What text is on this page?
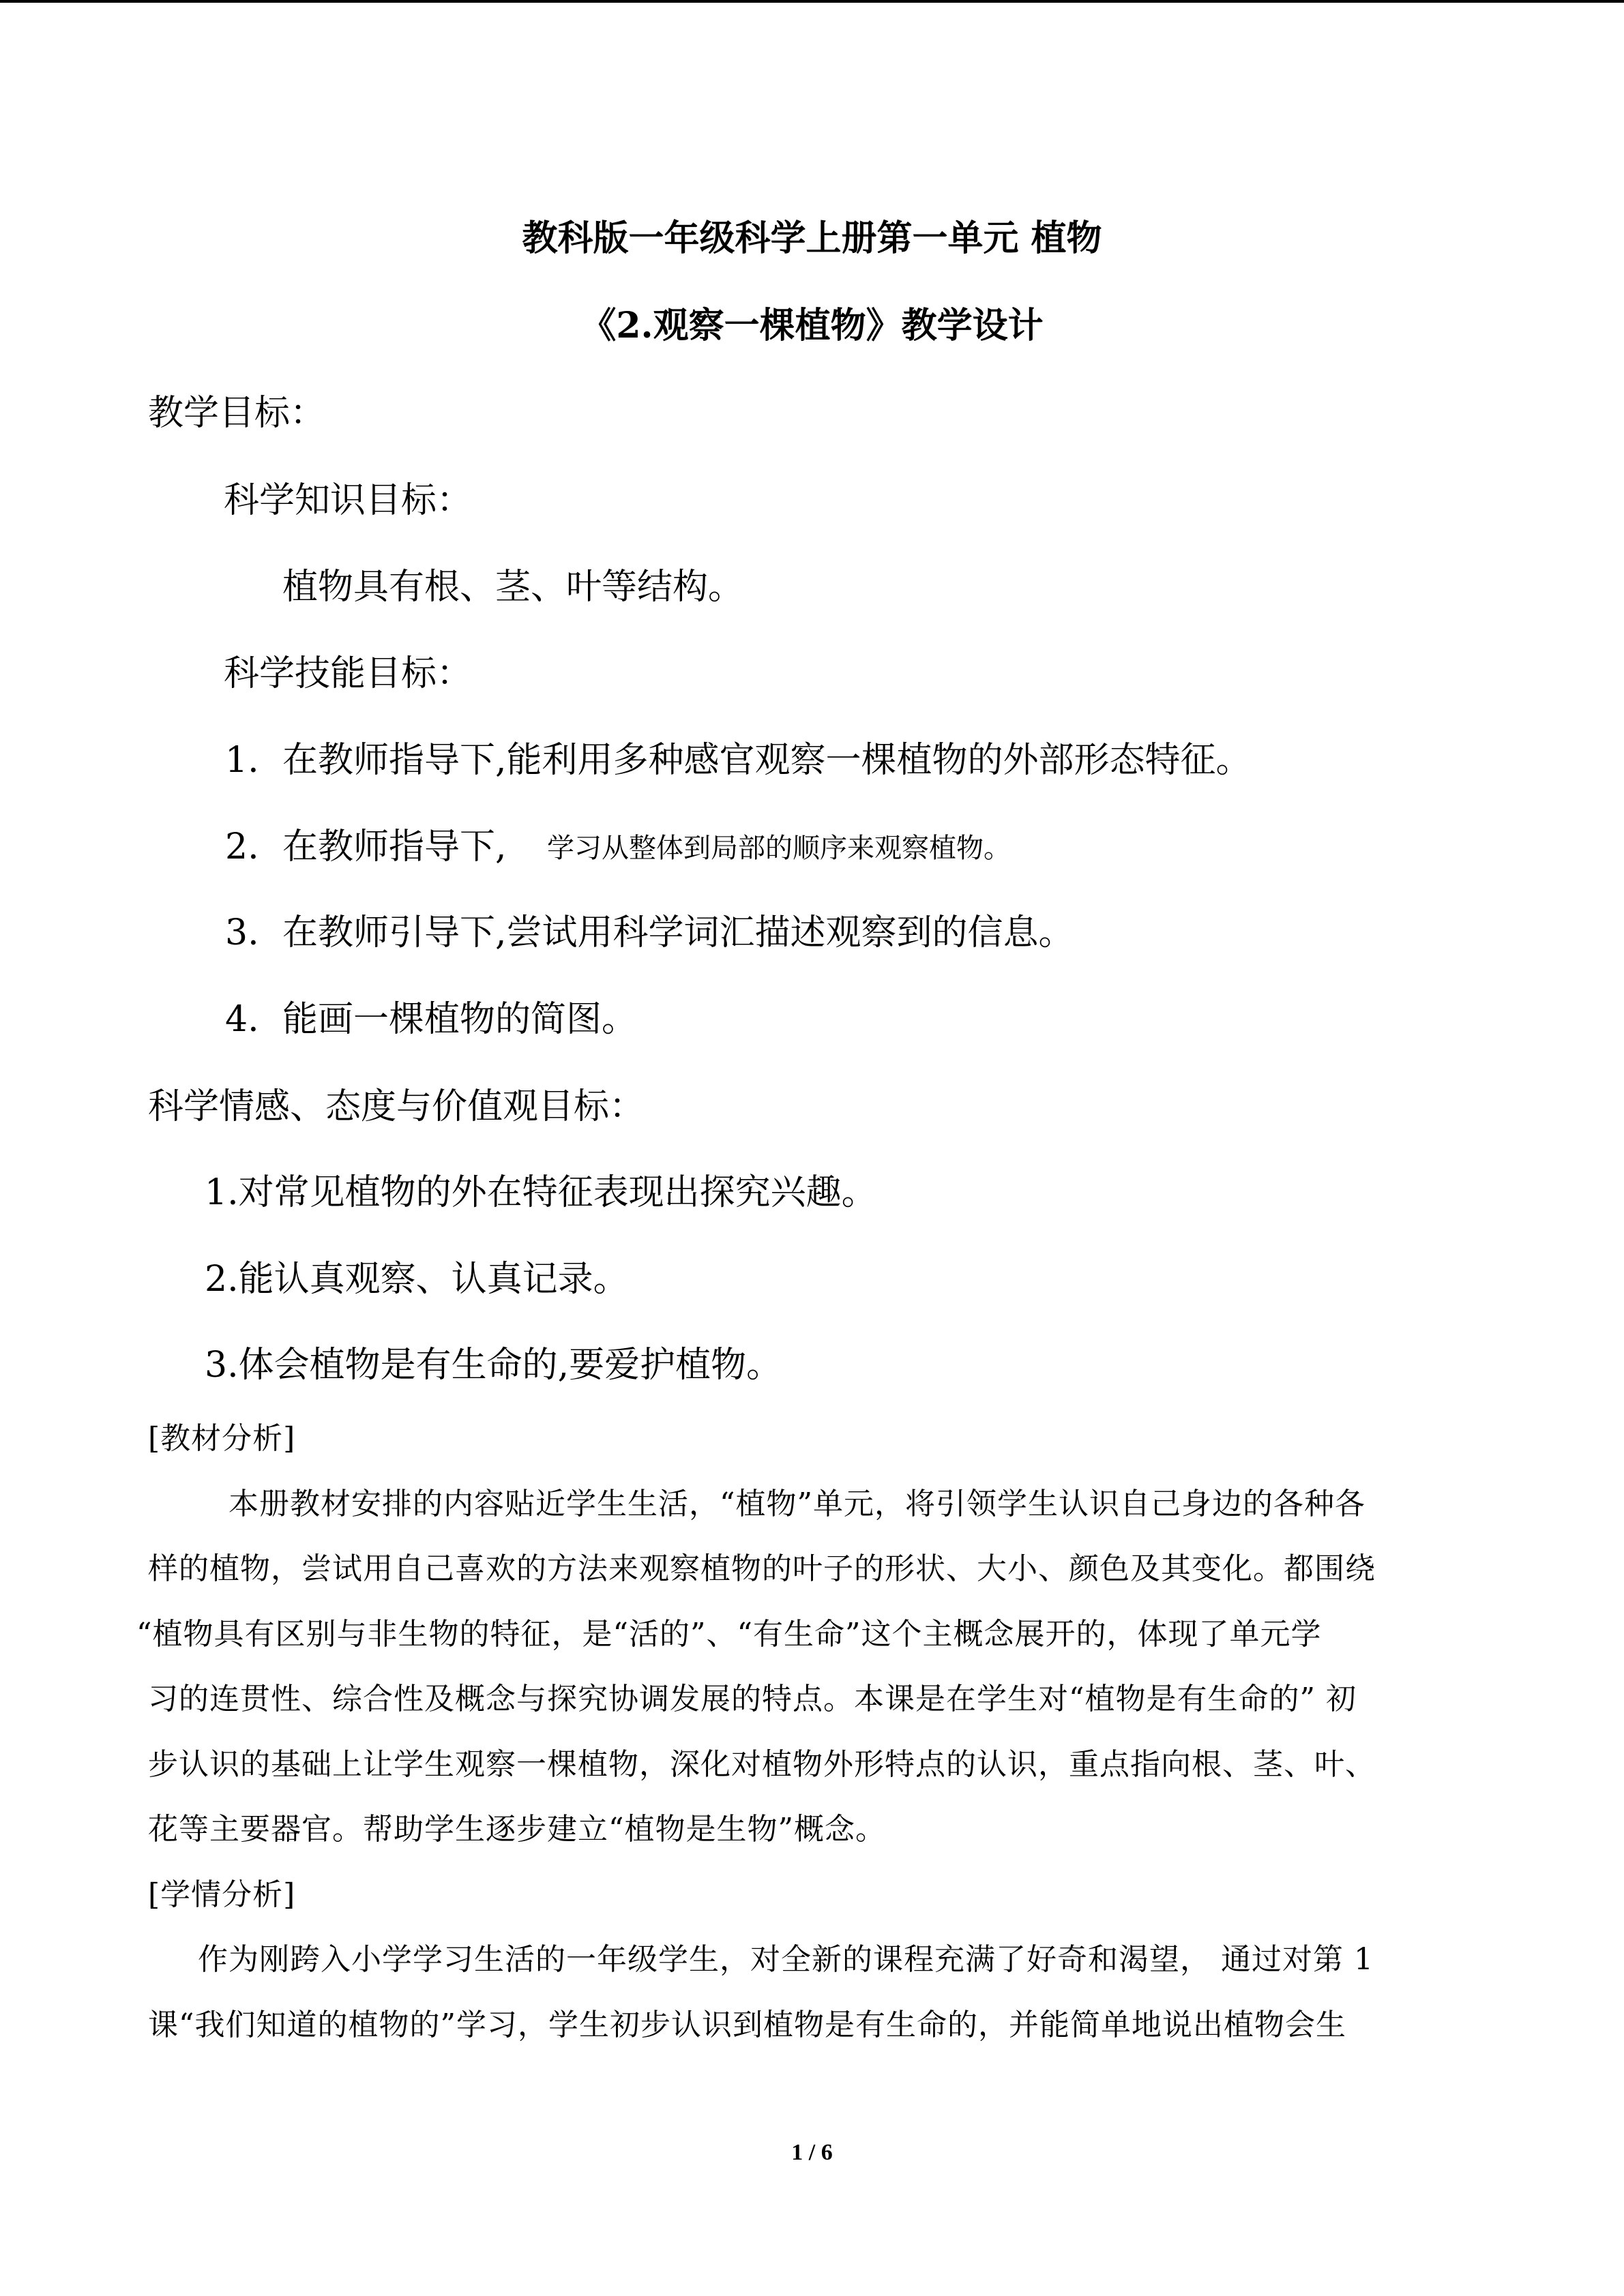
教科版一年级科学上册第一单元 植物
《2.观察一棵植物》教学设计
教学目标：
科学知识目标：
植物具有根、茎、叶等结构。
科学技能目标：
1. 在教师指导下,能利用多种感官观察一棵植物的外部形态特征。
2. 在教师指导下, 学习从整体到局部的顺序来观察植物。
3. 在教师引导下,尝试用科学词汇描述观察到的信息。
4. 能画一棵植物的简图。
科学情感、态度与价值观目标：
1.对常见植物的外在特征表现出探究兴趣。
2.能认真观察、认真记录。
3.体会植物是有生命的,要爱护植物。
[教材分析]
本册教材安排的内容贴近学生生活，“植物”单元，将引领学生认识自己身边的各种各
样的植物，尝试用自己喜欢的方法来观察植物的叶子的形状、大小、颜色及其变化。都围绕
“植物具有区别与非生物的特征，是“活的”、“有生命”这个主概念展开的，体现了单元学
习的连贯性、综合性及概念与探究协调发展的特点。本课是在学生对“植物是有生命的” 初
步认识的基础上让学生观察一棵植物，深化对植物外形特点的认识，重点指向根、茎、叶、
花等主要器官。帮助学生逐步建立“植物是生物”概念。
[学情分析]
作为刚跨入小学学习生活的一年级学生，对全新的课程充满了好奇和渴望， 通过对第 1
课“我们知道的植物的”学习，学生初步认识到植物是有生命的，并能简单地说出植物会生
1 / 6
